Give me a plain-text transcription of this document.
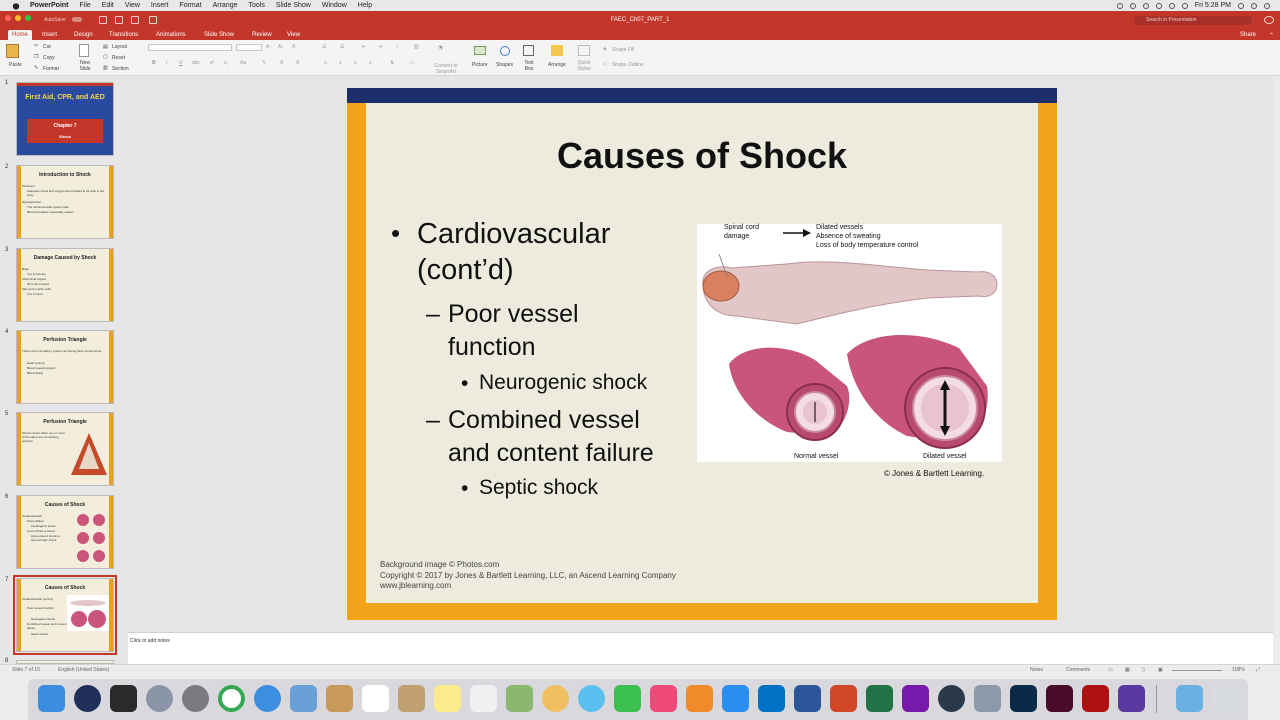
PowerPoint File Edit View Insert Format Arrange Tools Slide Show Window Help	Fri 5:28 PM
AutoSave	FAEC_Ch07_PART_1	Search in Presentation
Home	Insert	Design	Transitions	Animations	Slide Show	Review	View	Share ⌃
Paste
✂ Cut
❐ Copy
✎ Format
New Slide
▤ Layout
▢ Reset
▥ Section
A↑ A↓ A
B I U abc x² x₂ Aa	✎	A	A
☰	☰	⇤ ⇥	↕	▥
≡ ≡ ≡ ≡	⇅	▭
⬔
Convert to SmartArt
Picture Shapes Text Box
Arrange	Quick Styles
◈ Shape Fill
◇ Shape Outline
1
First Aid, CPR, and AED
Chapter 7
Shock
2
Introduction to Shock
Perfusion
Adequate blood and oxygen are provided to all cells in the body
Hypoperfusion
The cardiovascular system fails
Blood circulation eventually ceases
3
Damage Caused by Shock
Brain
4 to 6 minutes
Abdominal organs
45 to 90 minutes
Skin and muscle cells
3 to 6 hours
4
Perfusion Triangle
Think of the circulatory system as having three components:
Heart (pump)
Blood vessels (pipes)
Blood (fluid)
5
Perfusion Triangle
Shock occurs when one or more of the sides are not working properly.
6
Causes of Shock
Cardiovascular
Pump failure
Cardiogenic shock
Loss of fluid or blood
Hypovolemic shock or hemorrhagic shock
7
Causes of Shock
Cardiovascular (cont'd)
Poor vessel function
Neurogenic shock
Combined vessel and content failure
Septic shock
8
Causes of Shock
• Cardiovascular
(cont’d)
– Poor vessel
function
• Neurogenic shock
– Combined vessel
and content failure
• Septic shock
Spinal cord
damage
Dilated vessels
Absence of sweating
Loss of body temperature control
Normal vessel	Dilated vessel
© Jones & Bartlett Learning.
Background image © Photos.com
Copyright © 2017 by Jones & Bartlett Learning, LLC, an Ascend Learning Company
www.jblearning.com
Click to add notes
Slide 7 of 10	English (United States)	Notes	Comments	▭ ▦ ▯	▣	108% ⤢
